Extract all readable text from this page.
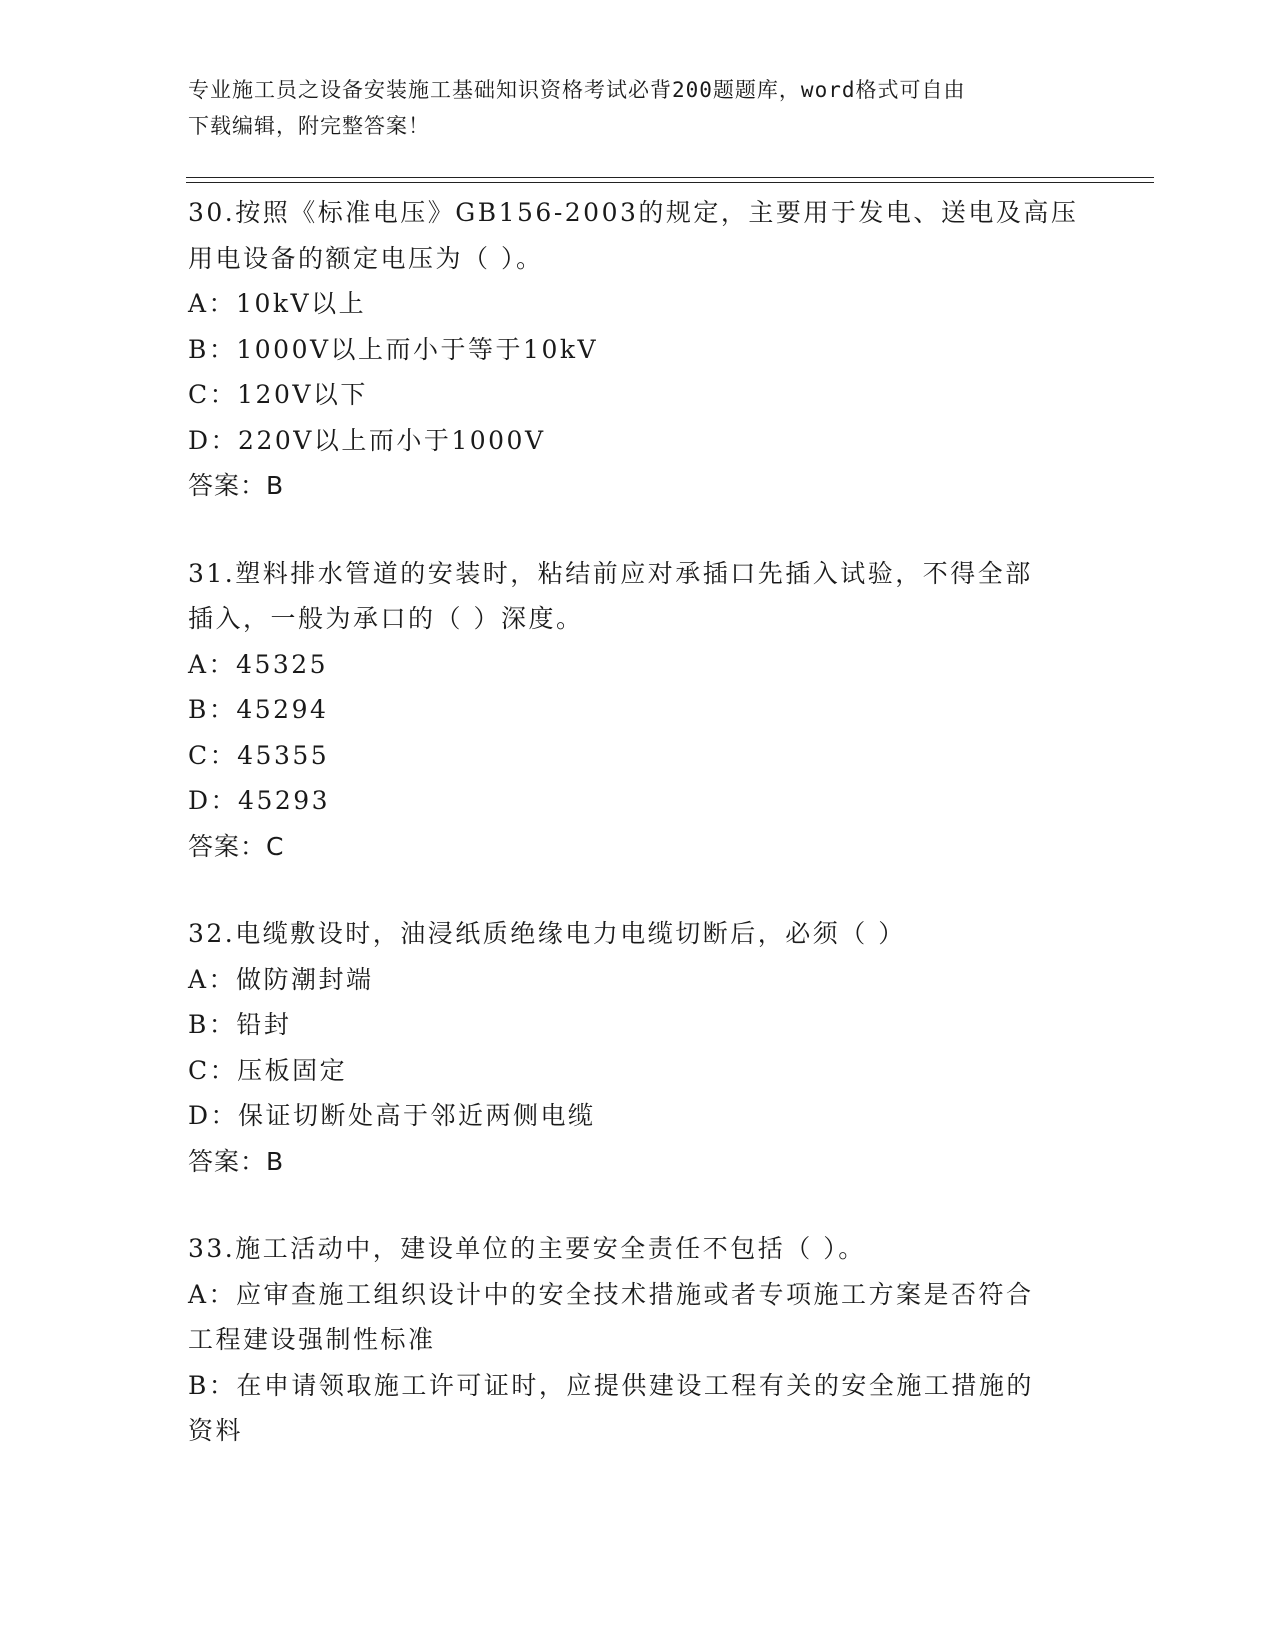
专业施工员之设备安装施工基础知识资格考试必背200题题库，word格式可自由
下载编辑，附完整答案！
30.按照《标准电压》GB156-2003的规定，主要用于发电、送电及高压
用电设备的额定电压为（ ）。
A：10kV以上
B：1000V以上而小于等于10kV
C：120V以下
D：220V以上而小于1000V
答案：B
31.塑料排水管道的安装时，粘结前应对承插口先插入试验，不得全部
插入，一般为承口的（ ）深度。
A：45325
B：45294
C：45355
D：45293
答案：C
32.电缆敷设时，油浸纸质绝缘电力电缆切断后，必须（ ）
A：做防潮封端
B：铅封
C：压板固定
D：保证切断处高于邻近两侧电缆
答案：B
33.施工活动中，建设单位的主要安全责任不包括（ ）。
A：应审查施工组织设计中的安全技术措施或者专项施工方案是否符合
工程建设强制性标准
B：在申请领取施工许可证时，应提供建设工程有关的安全施工措施的
资料
